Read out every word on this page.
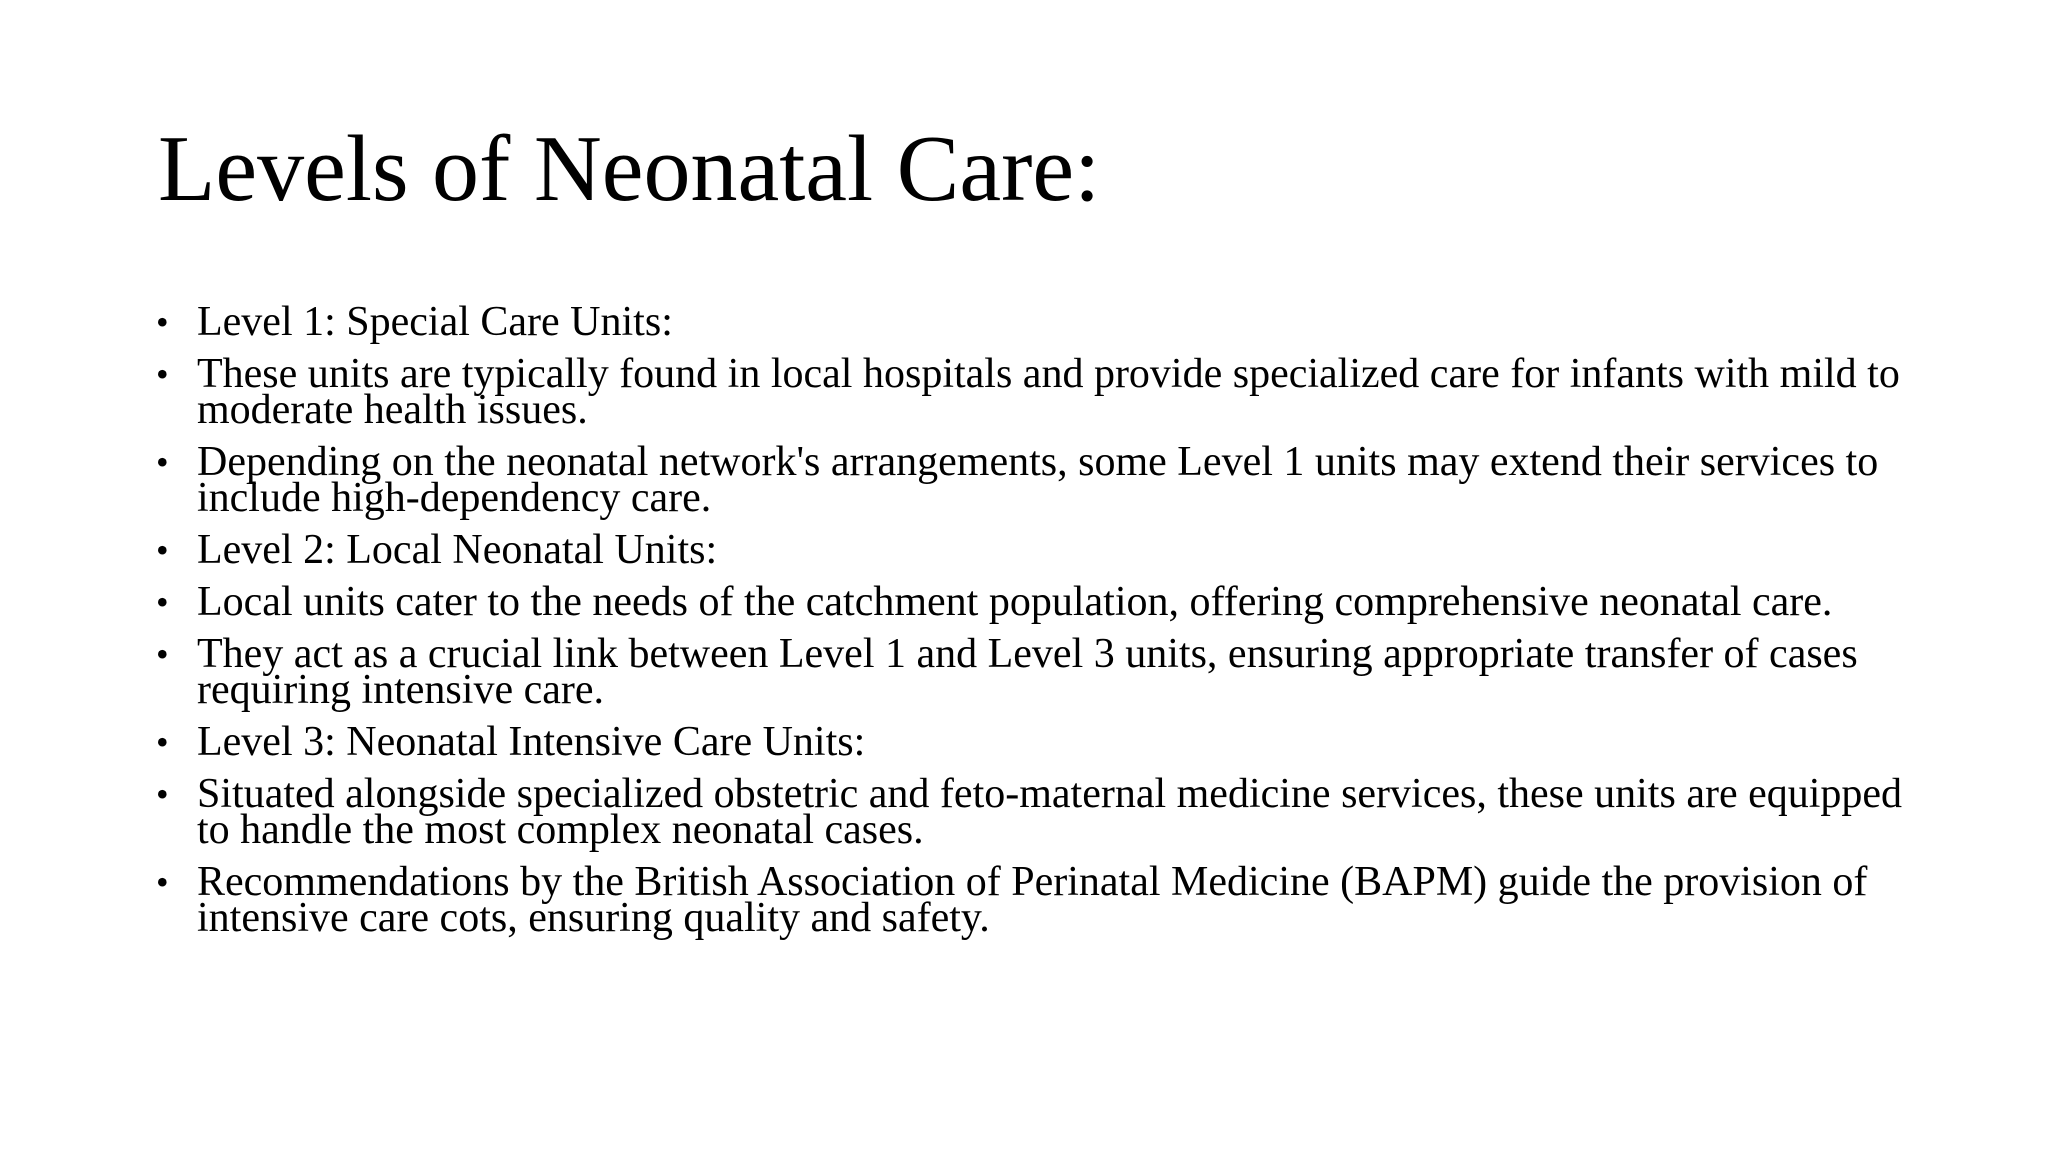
Levels of Neonatal Care:
• Level 1: Special Care Units:
• These units are typically found in local hospitals and provide specialized care for infants with mild to moderate health issues.
• Depending on the neonatal network's arrangements, some Level 1 units may extend their services to include high-dependency care.
• Level 2: Local Neonatal Units:
• Local units cater to the needs of the catchment population, offering comprehensive neonatal care.
• They act as a crucial link between Level 1 and Level 3 units, ensuring appropriate transfer of cases requiring intensive care.
• Level 3: Neonatal Intensive Care Units:
• Situated alongside specialized obstetric and feto-maternal medicine services, these units are equipped to handle the most complex neonatal cases.
• Recommendations by the British Association of Perinatal Medicine (BAPM) guide the provision of intensive care cots, ensuring quality and safety.
